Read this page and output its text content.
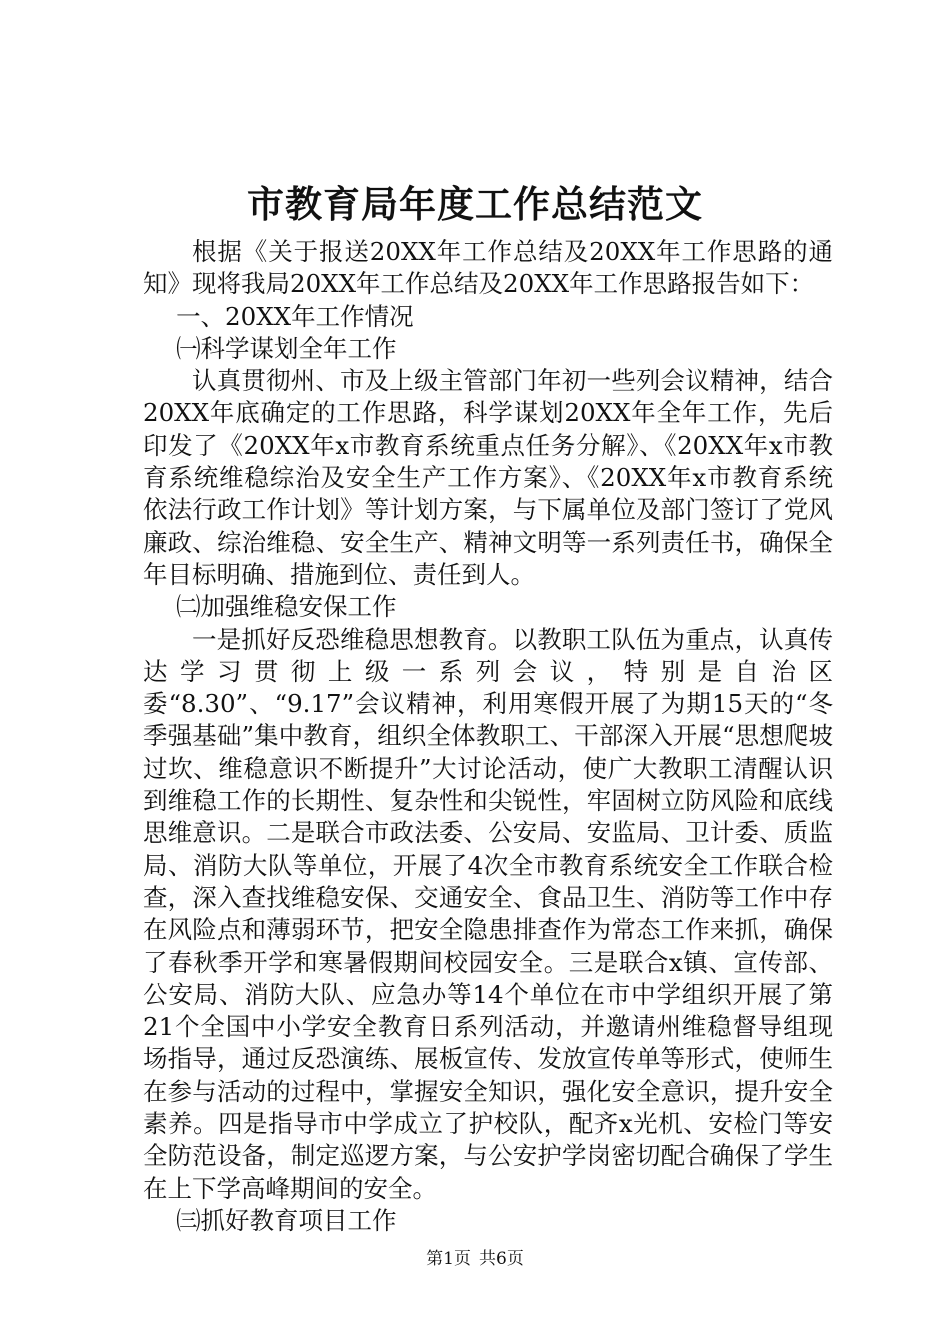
市教育局年度工作总结范文

根据《关于报送20XX年工作总结及20XX年工作思路的通知》现将我局20XX年工作总结及20XX年工作思路报告如下：

一、20XX年工作情况

㈠科学谋划全年工作

认真贯彻州、市及上级主管部门年初一些列会议精神，结合20XX年底确定的工作思路，科学谋划20XX年全年工作，先后印发了《20XX年x市教育系统重点任务分解》、《20XX年x市教育系统维稳综治及安全生产工作方案》、《20XX年x市教育系统依法行政工作计划》等计划方案，与下属单位及部门签订了党风廉政、综治维稳、安全生产、精神文明等一系列责任书，确保全年目标明确、措施到位、责任到人。

㈡加强维稳安保工作

一是抓好反恐维稳思想教育。以教职工队伍为重点，认真传达学习贯彻上级一系列会议，特别是自治区委“8.30”、“9.17”会议精神，利用寒假开展了为期15天的“冬季强基础”集中教育，组织全体教职工、干部深入开展“思想爬坡过坎、维稳意识不断提升”大讨论活动，使广大教职工清醒认识到维稳工作的长期性、复杂性和尖锐性，牢固树立防风险和底线思维意识。二是联合市政法委、公安局、安监局、卫计委、质监局、消防大队等单位，开展了4次全市教育系统安全工作联合检查，深入查找维稳安保、交通安全、食品卫生、消防等工作中存在风险点和薄弱环节，把安全隐患排查作为常态工作来抓，确保了春秋季开学和寒暑假期间校园安全。三是联合x镇、宣传部、公安局、消防大队、应急办等14个单位在市中学组织开展了第21个全国中小学安全教育日系列活动，并邀请州维稳督导组现场指导，通过反恐演练、展板宣传、发放宣传单等形式，使师生在参与活动的过程中，掌握安全知识，强化安全意识，提升安全素养。四是指导市中学成立了护校队，配齐x光机、安检门等安全防范设备，制定巡逻方案，与公安护学岗密切配合确保了学生在上下学高峰期间的安全。

㈢抓好教育项目工作

第1页 共6页
